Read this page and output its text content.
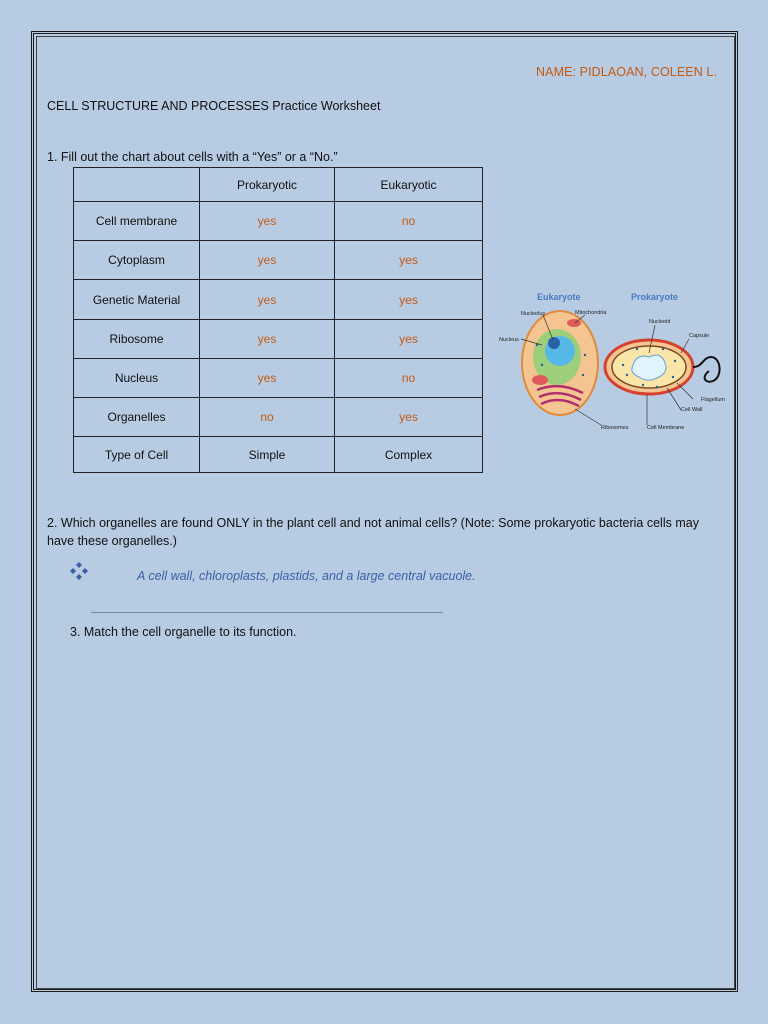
NAME: PIDLAOAN, COLEEN L.
CELL STRUCTURE AND PROCESSES Practice Worksheet
1. Fill out the chart about cells with a “Yes” or a “No.”
	Prokaryotic	Eukaryotic
Cell membrane	yes	no
Cytoplasm	yes	yes
Genetic Material	yes	yes
Ribosome	yes	yes
Nucleus	yes	no
Organelles	no	yes
Type of Cell	Simple	Complex
Eukaryote	Prokaryote
Nucleus
Nucleolus	Mitochondria
Nucleoid
Capsule
Flagellum
Cell Wall
Ribosomes	Cell Membrane
2. Which organelles are found ONLY in the plant cell and not animal cells? (Note: Some prokaryotic bacteria cells may have these organelles.)
A cell wall, chloroplasts, plastids, and a large central vacuole.
3. Match the cell organelle to its function.
